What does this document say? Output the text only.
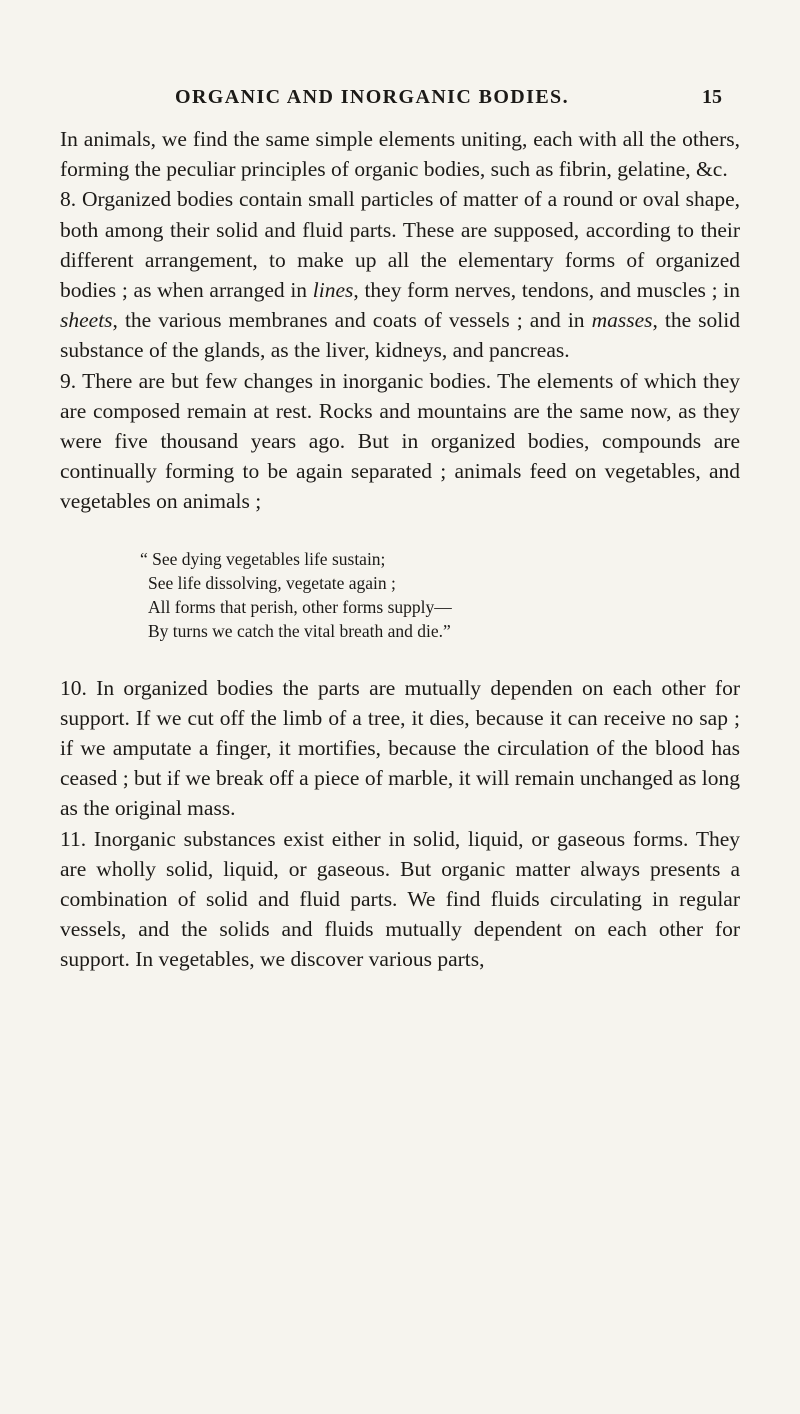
ORGANIC AND INORGANIC BODIES.	15

In animals, we find the same simple elements uniting, each with all the others, forming the peculiar principles of organic bodies, such as fibrin, gelatine, &c.

8. Organized bodies contain small particles of matter of a round or oval shape, both among their solid and fluid parts. These are supposed, according to their different arrangement, to make up all the elementary forms of organized bodies ; as when arranged in lines, they form nerves, tendons, and muscles ; in sheets, the various membranes and coats of vessels ; and in masses, the solid substance of the glands, as the liver, kidneys, and pancreas.

9. There are but few changes in inorganic bodies. The elements of which they are composed remain at rest. Rocks and mountains are the same now, as they were five thousand years ago. But in organized bodies, compounds are continually forming to be again separated ; animals feed on vegetables, and vegetables on animals ;

“ See dying vegetables life sustain;
See life dissolving, vegetate again ;
All forms that perish, other forms supply—
By turns we catch the vital breath and die.”

10. In organized bodies the parts are mutually dependen on each other for support. If we cut off the limb of a tree, it dies, because it can receive no sap ; if we amputate a finger, it mortifies, because the circulation of the blood has ceased ; but if we break off a piece of marble, it will remain unchanged as long as the original mass.

11. Inorganic substances exist either in solid, liquid, or gaseous forms. They are wholly solid, liquid, or gaseous. But organic matter always presents a combination of solid and fluid parts. We find fluids circulating in regular vessels, and the solids and fluids mutually dependent on each other for support. In vegetables, we discover various parts,
